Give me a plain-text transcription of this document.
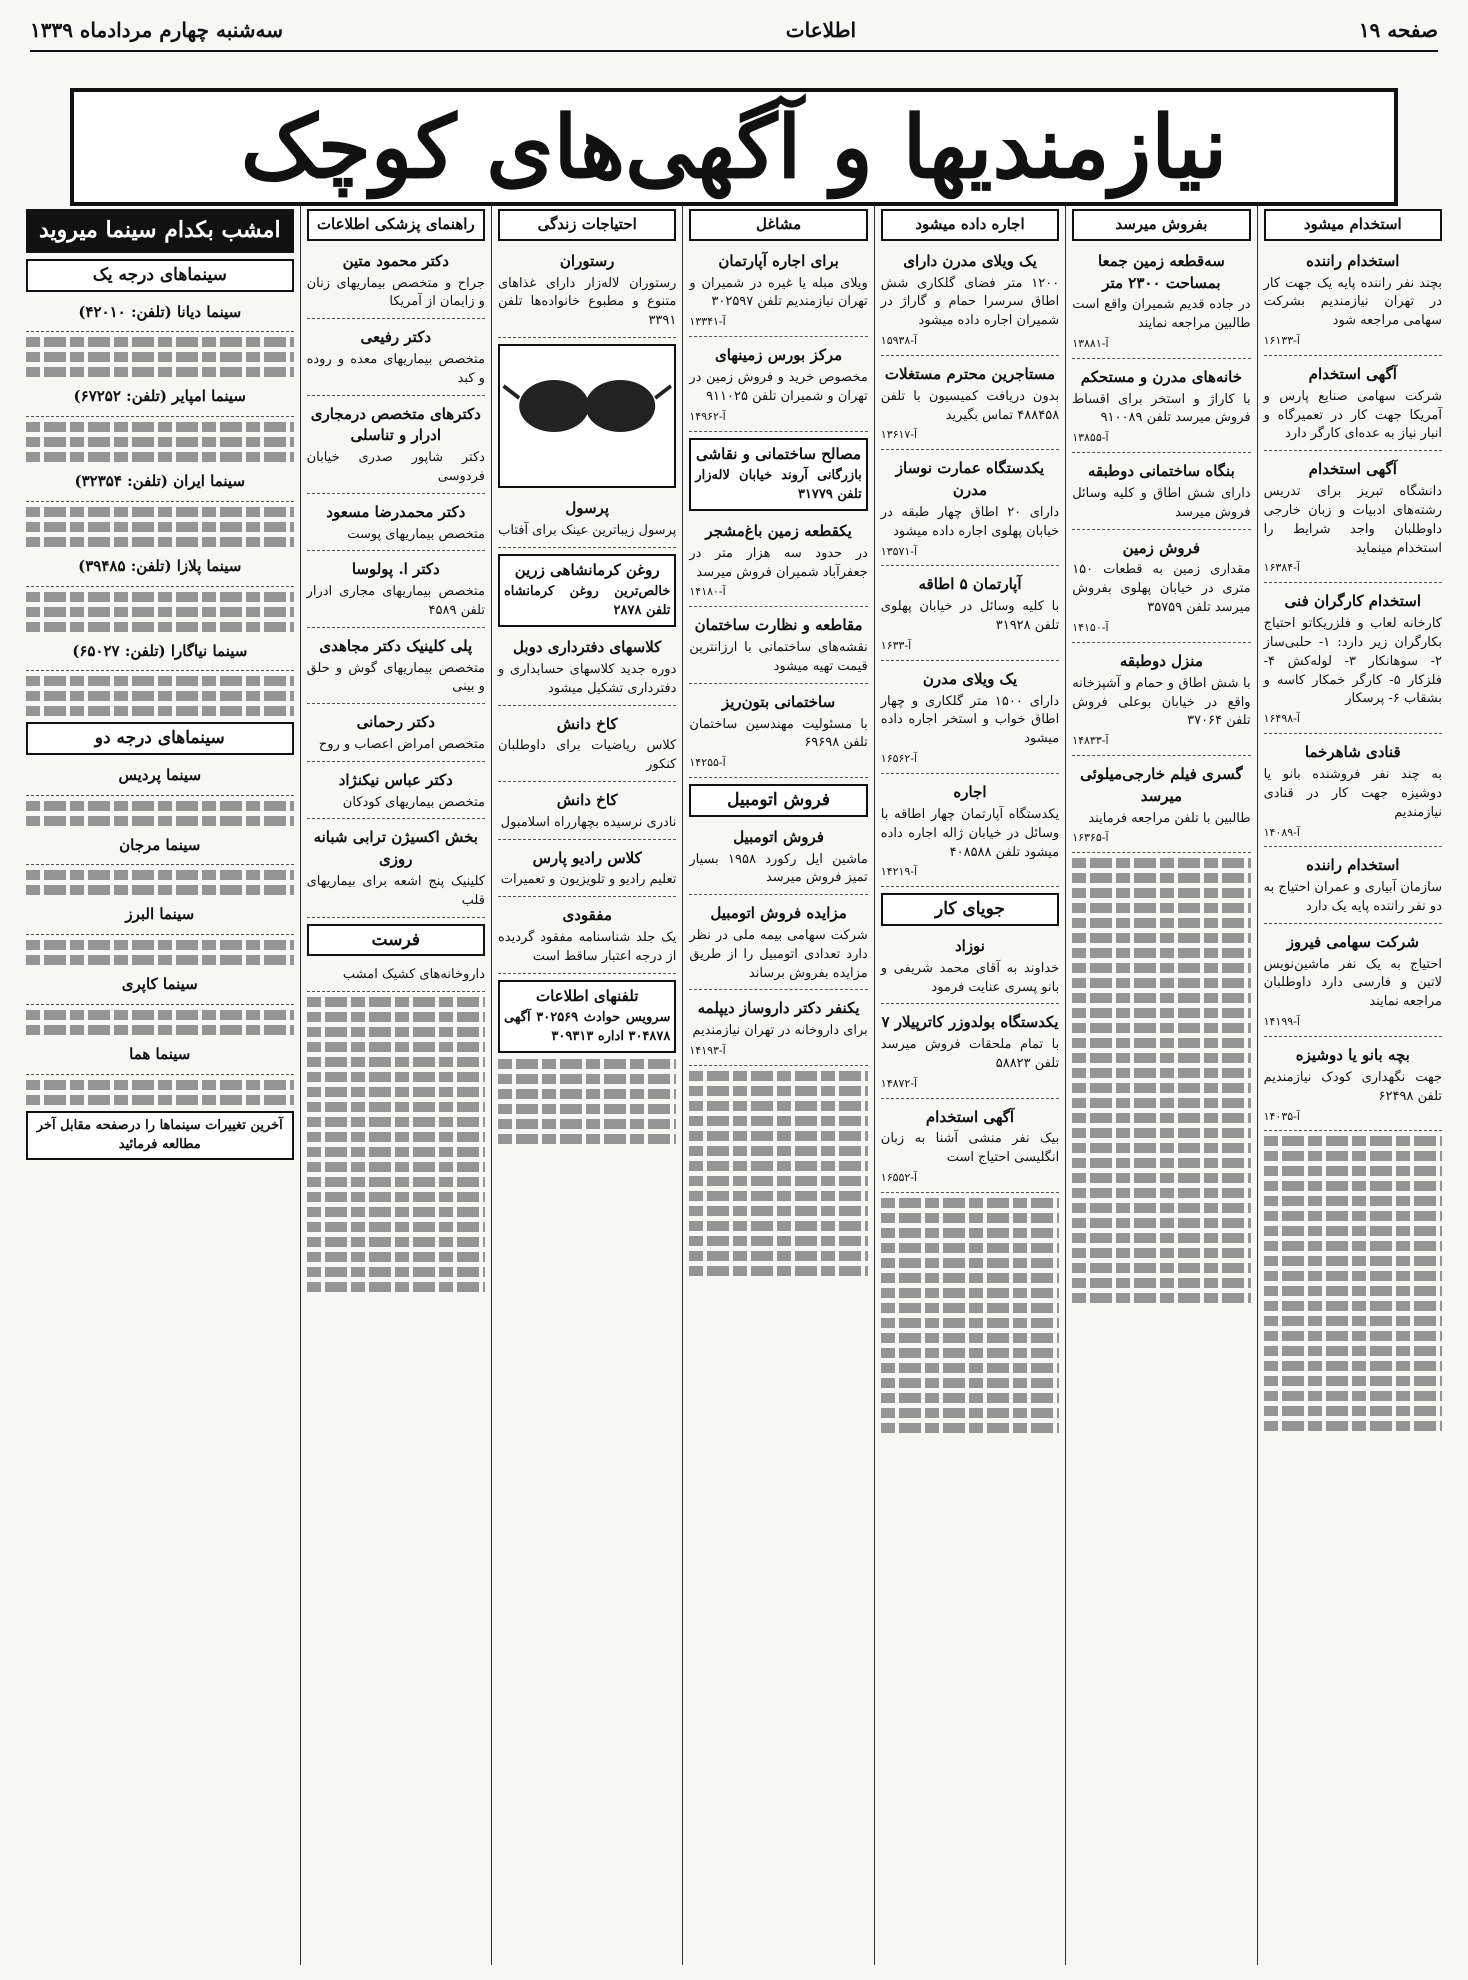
صفحه ۱۹
اطلاعات
سه‌شنبه چهارم مردادماه ۱۳۳۹
نیازمندیها و آگهی‌های کوچک
استخدام میشود
استخدام راننده

بچند نفر راننده پایه یک جهت کار در تهران نیازمندیم بشرکت سهامی مراجعه شود

آ-۱۶۱۳۳
آگهی استخدام

شرکت سهامی صنایع پارس و آمریکا جهت کار در تعمیرگاه و انبار نیاز به عده‌ای کارگر دارد

آگهی استخدام

دانشگاه تبریز برای تدریس رشته‌های ادبیات و زبان خارجی داوطلبان واجد شرایط را استخدام مینماید

آ-۱۶۳۸۴
استخدام کارگران فنی

کارخانه لعاب و فلزریکاتو احتیاج بکارگران زیر دارد: ۱- حلبی‌ساز ۲- سوهانکار ۳- لوله‌کش ۴- فلزکار ۵- کارگر خمکار کاسه و بشقاب ۶- پرسکار

آ-۱۶۴۹۸
قنادی شاهرخما

به چند نفر فروشنده بانو یا دوشیزه جهت کار در قنادی نیازمندیم

آ-۱۴۰۸۹
استخدام راننده

سازمان آبیاری و عمران احتیاج به دو نفر راننده پایه یک دارد

شرکت سهامی فیروز

احتیاج به یک نفر ماشین‌نویس لاتین و فارسی دارد داوطلبان مراجعه نمایند

آ-۱۴۱۹۹
بچه بانو یا دوشیزه

جهت نگهداری کودک نیازمندیم تلفن ۶۲۴۹۸

آ-۱۴۰۳۵
بفروش میرسد
سه‌قطعه زمین جمعا بمساحت ۲۳۰۰ متر

در جاده قدیم شمیران واقع است طالبین مراجعه نمایند

آ-۱۳۸۸۱
خانه‌های مدرن و مستحکم

با کاراژ و استخر برای اقساط فروش میرسد تلفن ۹۱۰۰۸۹

آ-۱۳۸۵۵
بنگاه ساختمانی دوطبقه

دارای شش اطاق و کلیه وسائل فروش میرسد

فروش زمین

مقداری زمین به قطعات ۱۵۰ متری در خیابان پهلوی بفروش میرسد تلفن ۳۵۷۵۹

آ-۱۴۱۵۰
منزل دوطبقه

با شش اطاق و حمام و آشپزخانه واقع در خیابان بوعلی فروش تلفن ۳۷۰۶۴

آ-۱۴۸۳۳
گسری فیلم خارجی‌میلوئی میرسد

طالبین با تلفن مراجعه فرمایند

آ-۱۶۳۶۵
اجاره داده میشود
یک ویلای مدرن دارای

۱۲۰۰ متر فضای گلکاری شش اطاق سرسرا حمام و گاراژ در شمیران اجاره داده میشود

آ-۱۵۹۳۸
مستاجرین محترم مستغلات

بدون دریافت کمیسیون با تلفن ۴۸۸۴۵۸ تماس بگیرید

آ-۱۳۶۱۷
یکدستگاه عمارت نوساز مدرن

دارای ۲۰ اطاق چهار طبقه در خیابان پهلوی اجاره داده میشود

آ-۱۳۵۷۱
آپارتمان ۵ اطاقه

با کلیه وسائل در خیابان پهلوی تلفن ۳۱۹۲۸

آ-۱۶۳۳
یک ویلای مدرن

دارای ۱۵۰۰ متر گلکاری و چهار اطاق خواب و استخر اجاره داده میشود

آ-۱۶۵۶۲
اجاره

یکدستگاه آپارتمان چهار اطاقه با وسائل در خیابان ژاله اجاره داده میشود تلفن ۴۰۸۵۸۸

آ-۱۴۲۱۹
جویای کار
نوزاد

خداوند به آقای محمد شریفی و بانو پسری عنایت فرمود

یکدستگاه بولدوزر کاترپیلار ۷

با تمام ملحقات فروش میرسد تلفن ۵۸۸۲۳

آ-۱۴۸۷۲
آگهی استخدام

بیک نفر منشی آشنا به زبان انگلیسی احتیاج است

آ-۱۶۵۵۲
مشاغل
برای اجاره آپارتمان

ویلای مبله یا غیره در شمیران و تهران نیازمندیم تلفن ۳۰۲۵۹۷

آ-۱۳۳۴۱
مرکز بورس زمینهای

مخصوص خرید و فروش زمین در تهران و شمیران تلفن ۹۱۱۰۲۵

آ-۱۴۹۶۲
مصالح ساختمانی و نقاشی

بازرگانی آروند خیابان لاله‌زار تلفن ۳۱۷۷۹

یکقطعه زمین باغ‌مشجر

در حدود سه هزار متر در جعفرآباد شمیران فروش میرسد

آ-۱۴۱۸۰
مقاطعه و نظارت ساختمان

نقشه‌های ساختمانی با ارزانترین قیمت تهیه میشود

ساختمانی بتون‌ریز

با مسئولیت مهندسین ساختمان تلفن ۶۹۶۹۸

آ-۱۴۲۵۵
فروش اتومبیل
فروش اتومبیل

ماشین ایل رکورد ۱۹۵۸ بسیار تمیز فروش میرسد

مزایده فروش اتومبیل

شرکت سهامی بیمه ملی در نظر دارد تعدادی اتومبیل را از طریق مزایده بفروش برساند

یکنفر دکتر داروساز دیپلمه

برای داروخانه در تهران نیازمندیم

آ-۱۴۱۹۳
احتیاجات زندگی
رستوران

رستوران لاله‌زار دارای غذاهای متنوع و مطبوع خانواده‌ها تلفن ۳۳۹۱

پرسول

پرسول زیباترین عینک برای آفتاب

روغن کرمانشاهی زرین

خالص‌ترین روغن کرمانشاه تلفن ۲۸۷۸

کلاسهای دفترداری دوبل

دوره جدید کلاسهای حسابداری و دفترداری تشکیل میشود

کاخ دانش

کلاس ریاضیات برای داوطلبان کنکور

کاخ دانش

نادری نرسیده بچهارراه اسلامبول

کلاس رادیو پارس

تعلیم رادیو و تلویزیون و تعمیرات

مفقودی

یک جلد شناسنامه مفقود گردیده از درجه اعتبار ساقط است

تلفنهای اطلاعات

سرویس حوادث ۳۰۲۵۶۹ آگهی ۳۰۴۸۷۸ اداره ۳۰۹۳۱۳

راهنمای پزشکی اطلاعات
دکتر محمود متین

جراح و متخصص بیماریهای زنان و زایمان از آمریکا

دکتر رفیعی

متخصص بیماریهای معده و روده و کبد

دکترهای متخصص درمجاری ادرار و تناسلی

دکتر شاپور صدری خیابان فردوسی

دکتر محمدرضا مسعود

متخصص بیماریهای پوست

دکتر ا. پولوسا

متخصص بیماریهای مجاری ادرار تلفن ۴۵۸۹

پلی کلینیک دکتر مجاهدی

متخصص بیماریهای گوش و حلق و بینی

دکتر رحمانی

متخصص امراض اعصاب و روح

دکتر عباس نیکنژاد

متخصص بیماریهای کودکان

بخش اکسیژن ترابی شبانه روزی

کلینیک پنج اشعه برای بیماریهای قلب

فرست

داروخانه‌های کشیک امشب

امشب بکدام سینما میروید
سینماهای درجه یک
سینما دیانا (تلفن: ۴۲۰۱۰)
سینما امپایر (تلفن: ۶۷۲۵۲)
سینما ایران (تلفن: ۳۲۳۵۴)
سینما پلازا (تلفن: ۳۹۴۸۵)
سینما نیاگارا (تلفن: ۶۵۰۲۷)
سینماهای درجه دو
سینما پردیس
سینما مرجان
سینما البرز
سینما کاپری
سینما هما
آخرین تغییرات سینماها را درصفحه مقابل آخر مطالعه فرمائید
